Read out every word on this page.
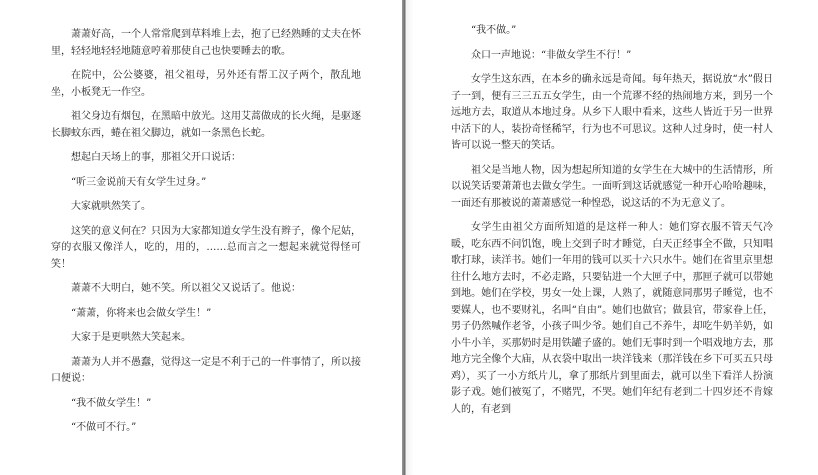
萧萧好高，一个人常常爬到草料堆上去，抱了已经熟睡的丈夫在怀里，轻轻地轻轻地随意哼着那使自己也快要睡去的歌。

在院中，公公婆婆，祖父祖母，另外还有帮工汉子两个，散乱地坐，小板凳无一作空。

祖父身边有烟包，在黑暗中放光。这用艾蒿做成的长火绳，是驱逐长脚蚊东西，蜷在祖父脚边，就如一条黑色长蛇。

想起白天场上的事，那祖父开口说话：

“听三金说前天有女学生过身。”

大家就哄然笑了。

这笑的意义何在？只因为大家都知道女学生没有辫子，像个尼姑，穿的衣服又像洋人，吃的，用的，……总而言之一想起来就觉得怪可笑！

萧萧不大明白，她不笑。所以祖父又说话了。他说：

“萧萧，你将来也会做女学生！”

大家于是更哄然大笑起来。

萧萧为人并不愚蠢，觉得这一定是不利于己的一件事情了，所以接口便说：

“我不做女学生！”

“不做可不行。”

“我不做。”

众口一声地说：“非做女学生不行！”

女学生这东西，在本乡的确永远是奇闻。每年热天，据说放“水”假日子一到，便有三三五五女学生，由一个荒谬不经的热闹地方来，到另一个远地方去，取道从本地过身。从乡下人眼中看来，这些人皆近于另一世界中活下的人，装扮奇怪稀罕，行为也不可思议。这种人过身时，使一村人皆可以说一整天的笑话。

祖父是当地人物，因为想起所知道的女学生在大城中的生活情形，所以说笑话要萧萧也去做女学生。一面听到这话就感觉一种开心哈哈趣味，一面还有那被说的萧萧感觉一种惶恐，说这话的不为无意义了。

女学生由祖父方面所知道的是这样一种人：她们穿衣服不管天气冷暖，吃东西不问饥饱，晚上交到子时才睡觉，白天正经事全不做，只知唱歌打球，读洋书。她们一年用的钱可以买十六只水牛。她们在省里京里想往什么地方去时，不必走路，只要钻进一个大匣子中，那匣子就可以带她到地。她们在学校，男女一处上课，人熟了，就随意同那男子睡觉，也不要媒人，也不要财礼，名叫“自由”。她们也做官；做县官，带家眷上任，男子仍然喊作老爷，小孩子叫少爷。她们自己不养牛，却吃牛奶羊奶，如小牛小羊，买那奶时是用铁罐子盛的。她们无事时到一个唱戏地方去，那地方完全像个大庙，从衣袋中取出一块洋钱来（那洋钱在乡下可买五只母鸡），买了一小方纸片儿，拿了那纸片到里面去，就可以坐下看洋人扮演影子戏。她们被冤了，不赌咒，不哭。她们年纪有老到二十四岁还不肯嫁人的，有老到
